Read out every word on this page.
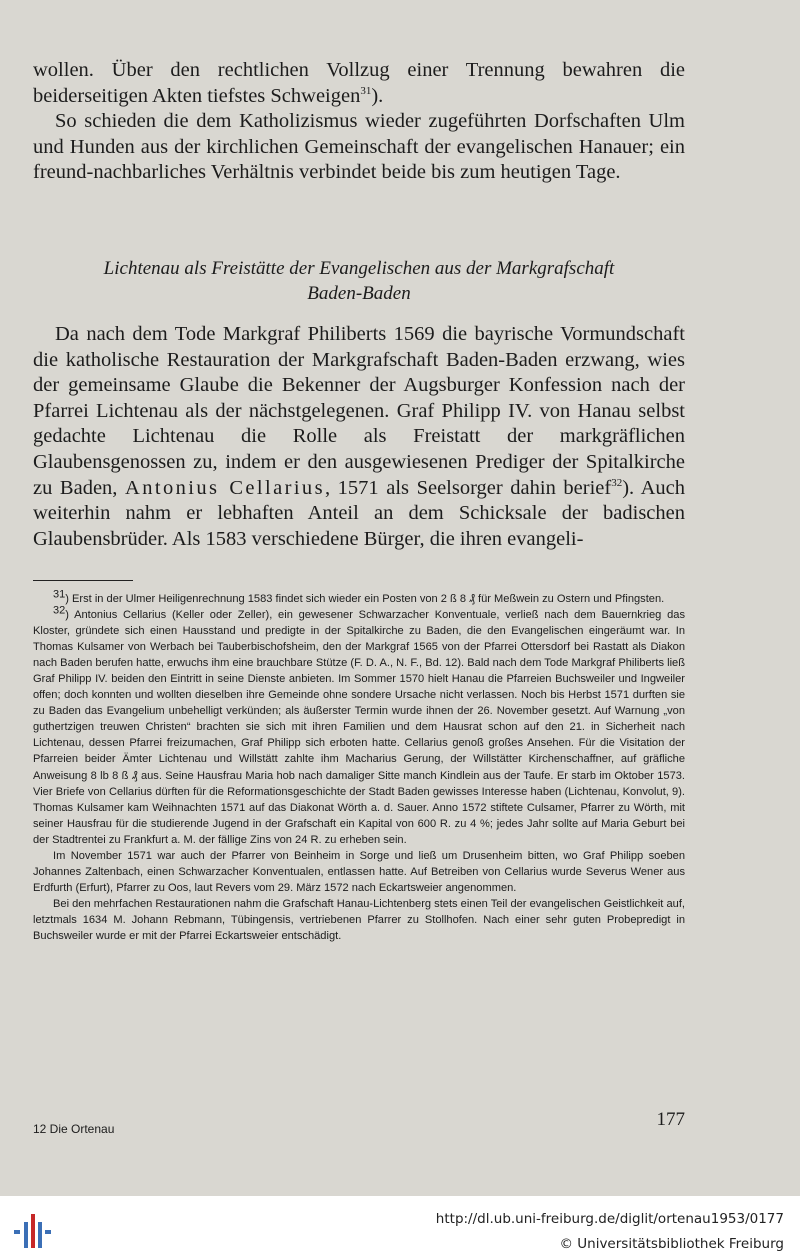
wollen. Über den rechtlichen Vollzug einer Trennung bewahren die beiderseitigen Akten tiefstes Schweigen$^{31}$).

So schieden die dem Katholizismus wieder zugeführten Dorfschaften Ulm und Hunden aus der kirchlichen Gemeinschaft der evangelischen Hanauer; ein freund-nachbarliches Verhältnis verbindet beide bis zum heutigen Tage.

Lichtenau als Freistätte der Evangelischen aus der Markgrafschaft
Baden-Baden

Da nach dem Tode Markgraf Philiberts 1569 die bayrische Vormundschaft die katholische Restauration der Markgrafschaft Baden-Baden erzwang, wies der gemeinsame Glaube die Bekenner der Augsburger Konfession nach der Pfarrei Lichtenau als der nächstgelegenen. Graf Philipp IV. von Hanau selbst gedachte Lichtenau die Rolle als Freistatt der markgräflichen Glaubensgenossen zu, indem er den ausgewiesenen Prediger der Spitalkirche zu Baden, Antonius Cellarius, 1571 als Seelsorger dahin berief$^{32}$). Auch weiterhin nahm er lebhaften Anteil an dem Schicksale der badischen Glaubensbrüder. Als 1583 verschiedene Bürger, die ihren evangeli-

$^{31}$) Erst in der Ulmer Heiligenrechnung 1583 findet sich wieder ein Posten von 2 ß 8 ₰ für Meßwein zu Ostern und Pfingsten.

$^{32}$) Antonius Cellarius (Keller oder Zeller), ein gewesener Schwarzacher Konventuale, verließ nach dem Bauernkrieg das Kloster, gründete sich einen Hausstand und predigte in der Spitalkirche zu Baden, die den Evangelischen eingeräumt war. In Thomas Kulsamer von Werbach bei Tauberbischofsheim, den der Markgraf 1565 von der Pfarrei Ottersdorf bei Rastatt als Diakon nach Baden berufen hatte, erwuchs ihm eine brauchbare Stütze (F. D. A., N. F., Bd. 12). Bald nach dem Tode Markgraf Philiberts ließ Graf Philipp IV. beiden den Eintritt in seine Dienste anbieten. Im Sommer 1570 hielt Hanau die Pfarreien Buchsweiler und Ingweiler offen; doch konnten und wollten dieselben ihre Gemeinde ohne sondere Ursache nicht verlassen. Noch bis Herbst 1571 durften sie zu Baden das Evangelium unbehelligt verkünden; als äußerster Termin wurde ihnen der 26. November gesetzt. Auf Warnung „von guthertzigen treuwen Christen“ brachten sie sich mit ihren Familien und dem Hausrat schon auf den 21. in Sicherheit nach Lichtenau, dessen Pfarrei freizumachen, Graf Philipp sich erboten hatte. Cellarius genoß großes Ansehen. Für die Visitation der Pfarreien beider Ämter Lichtenau und Willstätt zahlte ihm Macharius Gerung, der Willstätter Kirchenschaffner, auf gräfliche Anweisung 8 lb 8 ß ₰ aus. Seine Hausfrau Maria hob nach damaliger Sitte manch Kindlein aus der Taufe. Er starb im Oktober 1573. Vier Briefe von Cellarius dürften für die Reformationsgeschichte der Stadt Baden gewisses Interesse haben (Lichtenau, Konvolut, 9). Thomas Kulsamer kam Weihnachten 1571 auf das Diakonat Wörth a. d. Sauer. Anno 1572 stiftete Culsamer, Pfarrer zu Wörth, mit seiner Hausfrau für die studierende Jugend in der Grafschaft ein Kapital von 600 R. zu 4 %; jedes Jahr sollte auf Maria Geburt bei der Stadtrentei zu Frankfurt a. M. der fällige Zins von 24 R. zu erheben sein.

Im November 1571 war auch der Pfarrer von Beinheim in Sorge und ließ um Drusenheim bitten, wo Graf Philipp soeben Johannes Zaltenbach, einen Schwarzacher Konventualen, entlassen hatte. Auf Betreiben von Cellarius wurde Severus Wener aus Erdfurth (Erfurt), Pfarrer zu Oos, laut Revers vom 29. März 1572 nach Eckartsweier angenommen.

Bei den mehrfachen Restaurationen nahm die Grafschaft Hanau-Lichtenberg stets einen Teil der evangelischen Geistlichkeit auf, letztmals 1634 M. Johann Rebmann, Tübingensis, vertriebenen Pfarrer zu Stollhofen. Nach einer sehr guten Probepredigt in Buchsweiler wurde er mit der Pfarrei Eckartsweier entschädigt.

12 Die Ortenau	177
http://dl.ub.uni-freiburg.de/diglit/ortenau1953/0177
© Universitätsbibliothek Freiburg
